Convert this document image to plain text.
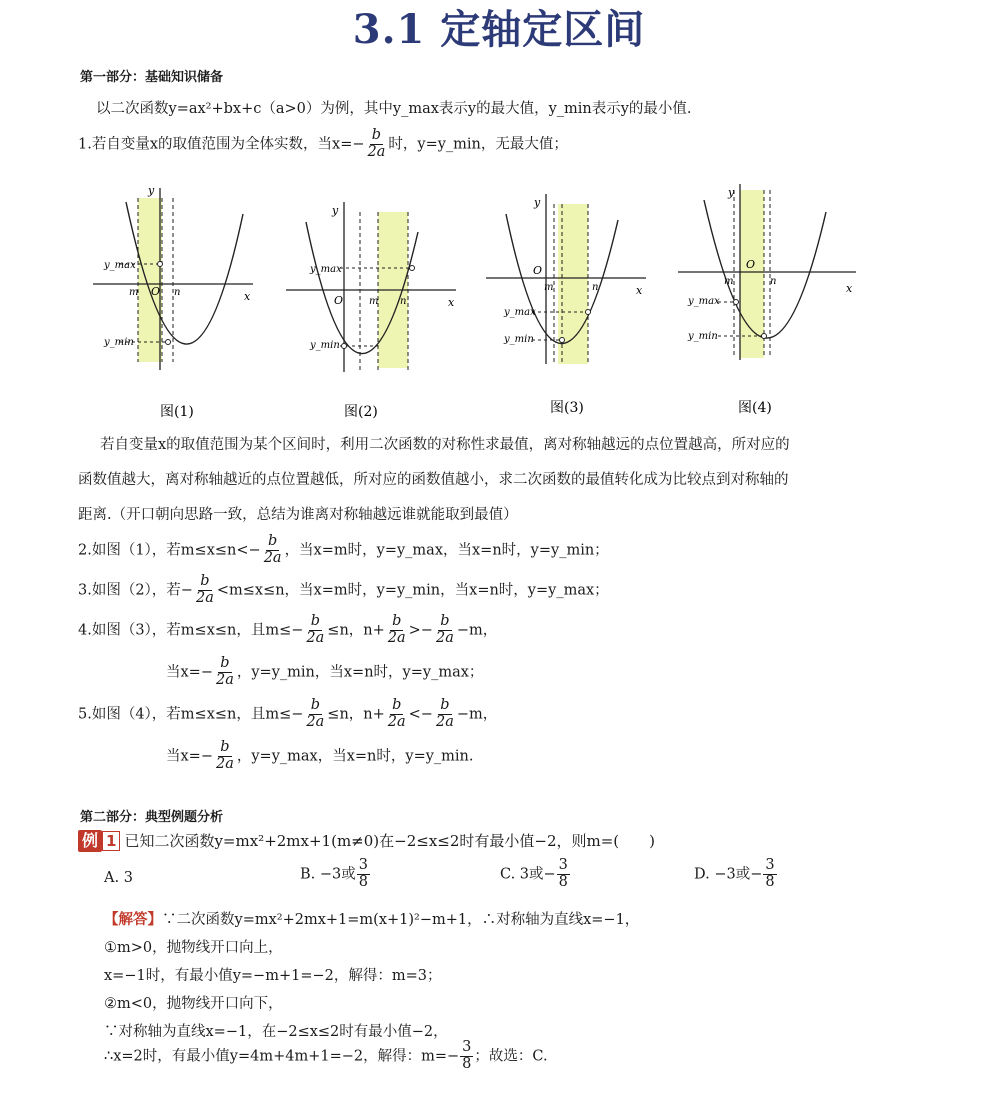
3.1 定轴定区间
第一部分：基础知识储备
以二次函数y=ax²+bx+c（a>0）为例，其中y_max表示y的最大值，y_min表示y的最小值.
1.若自变量x的取值范围为全体实数，当$x=- \frac{b}{2a}$ 时，y=y_min，无最大值；
y_max
y_min
y
x
O
m	n
y_max
y_min
y
x
O	m n
y_max
y_min
y
x
O
m	n
y_max
y_min
y
x
O
m	n
图(1)	图(2)	图(3)	图(4)
若自变量x的取值范围为某个区间时，利用二次函数的对称性求最值，离对称轴越远的点位置越高，所对应的
函数值越大，离对称轴越近的点位置越低，所对应的函数值越小，求二次函数的最值转化成为比较点到对称轴的
距离.（开口朝向思路一致，总结为谁离对称轴越远谁就能取到最值）
2.如图（1），若$m\le x\le n<- \frac{b}{2a}$ ，当x=m时，y=y_max，当x=n时，y=y_min；
3.如图（2），若− $\frac{b}{2a} <m\le x\le n$，当x=m时，y=y_min，当x=n时，y=y_max；
4.如图（3），若m≤x≤n，且$m\le- \frac{b}{2a} \le n$，$n+ \frac{b}{2a} >- \frac{b}{2a} -m$，
当$x=- \frac{b}{2a}$ ，y=y_min，当x=n时，y=y_max；
5.如图（4），若m≤x≤n，且$m\le- \frac{b}{2a} \le n$，$n+ \frac{b}{2a} <- \frac{b}{2a} -m$，
当$x=- \frac{b}{2a}$ ，y=y_max，当x=n时，y=y_min.
第二部分：典型例题分析
例 1 已知二次函数y=mx²+2mx+1(m≠0)在−2≤x≤2时有最小值−2，则m=(　　)
A. 3	B. −3或 $\frac{3}{8}$	C. 3或− $\frac{3}{8}$	D. −3或− $\frac{3}{8}$
【解答】∵二次函数y=mx²+2mx+1=m(x+1)²−m+1，∴对称轴为直线x=−1，
①m>0，抛物线开口向上，
x=−1时，有最小值y=−m+1=−2，解得：m=3；
②m<0，抛物线开口向下，
∵对称轴为直线x=−1，在−2≤x≤2时有最小值−2，
∴x=2时，有最小值y=4m+4m+1=−2，解得：$m=- \frac{3}{8}$ ；故选：C.
